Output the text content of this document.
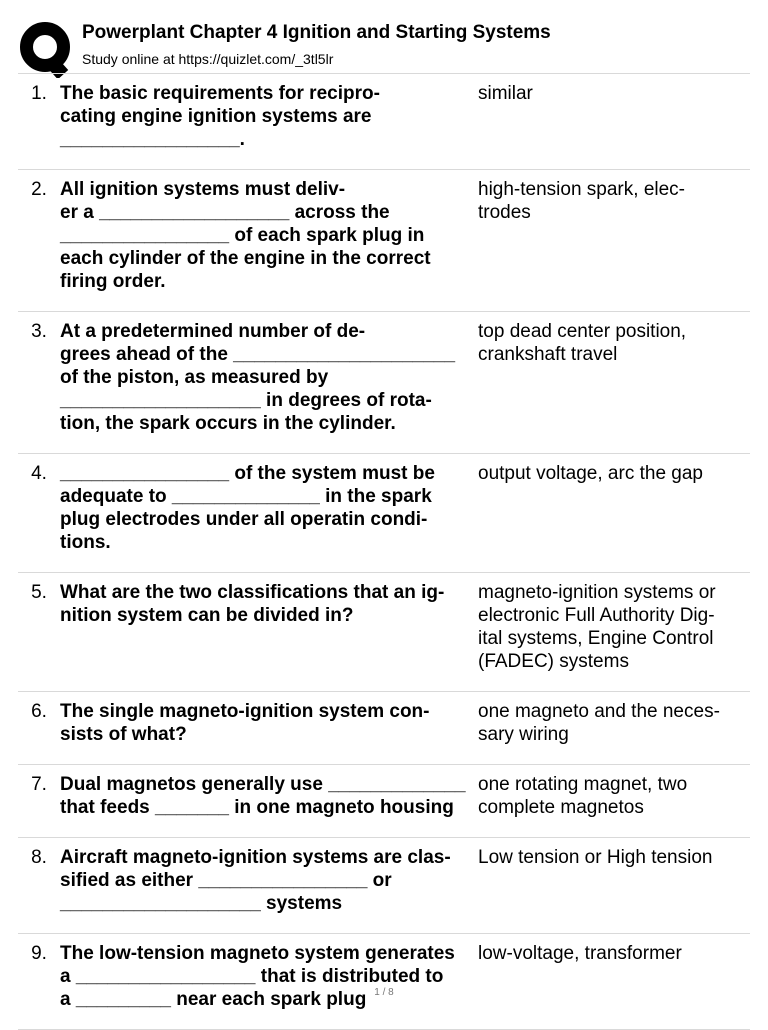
Powerplant Chapter 4 Ignition and Starting Systems
Study online at https://quizlet.com/_3tl5lr
1. The basic requirements for recipro-
cating engine ignition systems are
_________________.
similar
2. All ignition systems must deliv-
er a __________________ across the
________________ of each spark plug in
each cylinder of the engine in the correct
firing order.
high-tension spark, elec-
trodes
3. At a predetermined number of de-
grees ahead of the _____________________
of the piston, as measured by
___________________ in degrees of rota-
tion, the spark occurs in the cylinder.
top dead center position,
crankshaft travel
4. ________________ of the system must be
adequate to ______________ in the spark
plug electrodes under all operatin condi-
tions.
output voltage, arc the gap
5. What are the two classifications that an ig-
nition system can be divided in?
magneto-ignition systems or
electronic Full Authority Dig-
ital systems, Engine Control
(FADEC) systems
6. The single magneto-ignition system con-
sists of what?
one magneto and the neces-
sary wiring
7. Dual magnetos generally use _____________
that feeds _______ in one magneto housing
one rotating magnet, two
complete magnetos
8. Aircraft magneto-ignition systems are clas-
sified as either ________________ or
___________________ systems
Low tension or High tension
9. The low-tension magneto system generates
a _________________ that is distributed to
a _________ near each spark plug
low-voltage, transformer
1 / 8
